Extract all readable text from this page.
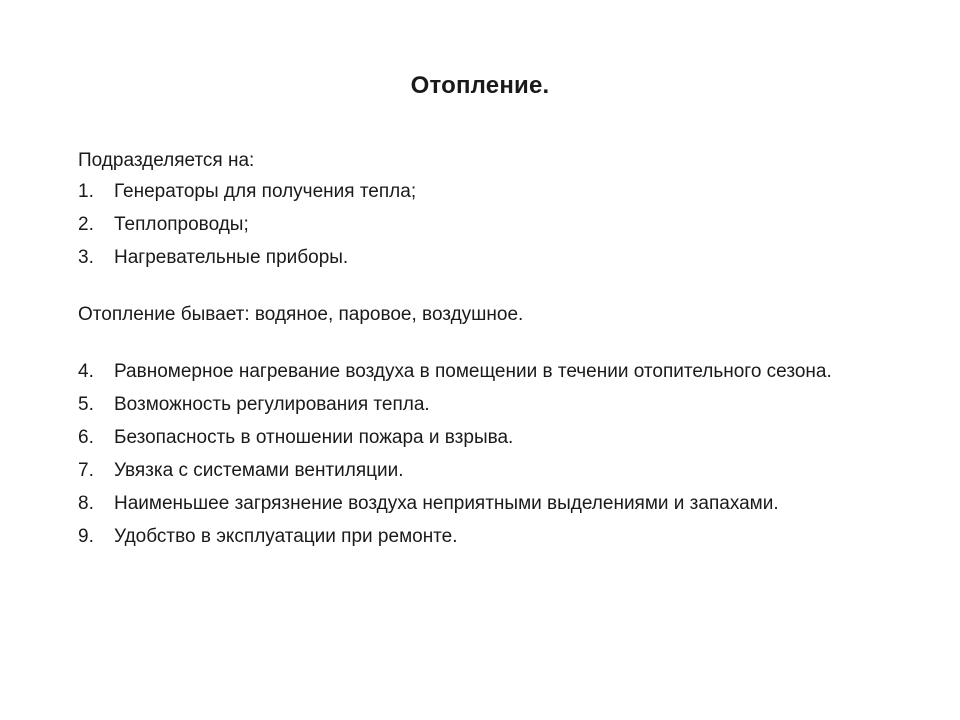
Отопление.

Подразделяется на:

1.	Генераторы для получения тепла;
2.	Теплопроводы;
3.	Нагревательные приборы.

Отопление бывает: водяное, паровое, воздушное.

4.	Равномерное нагревание воздуха в помещении в течении отопительного сезона.
5.	Возможность регулирования тепла.
6.	Безопасность в отношении пожара и взрыва.
7.	Увязка с системами вентиляции.
8.	Наименьшее загрязнение воздуха неприятными выделениями и запахами.
9.	Удобство в эксплуатации при ремонте.
